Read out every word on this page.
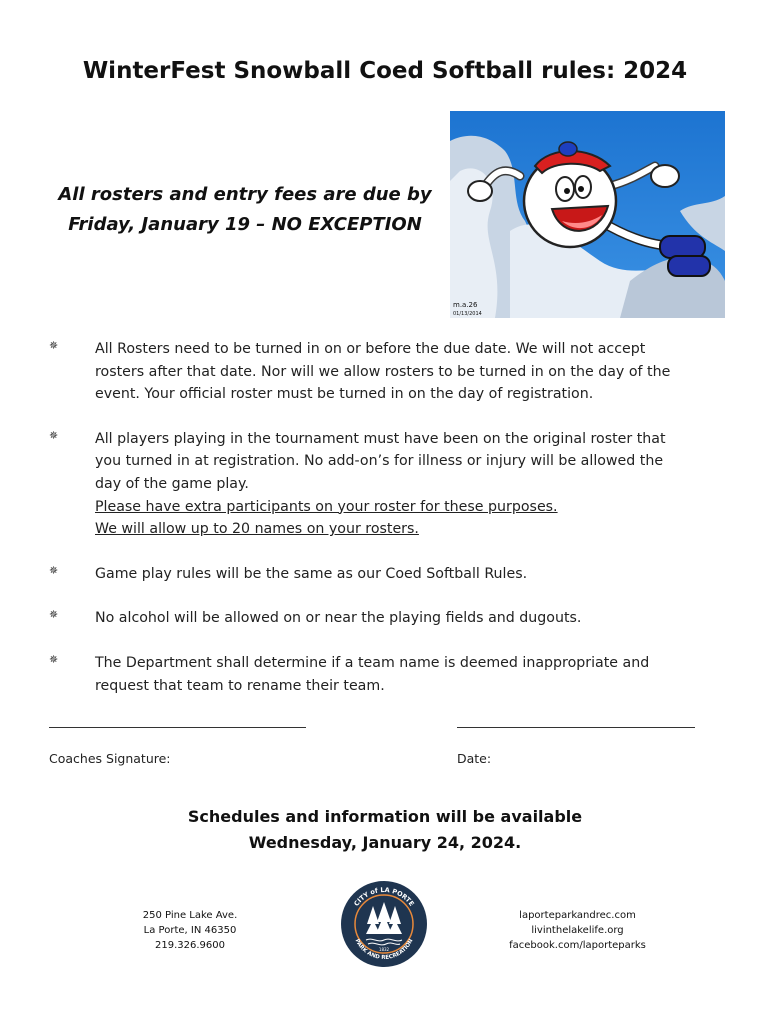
WinterFest Snowball Coed Softball rules: 2024
All rosters and entry fees are due by
Friday, January 19 – NO EXCEPTION
m.a.26
01/13/2014
✵	All Rosters need to be turned in on or before the due date. We will not accept
rosters after that date. Nor will we allow rosters to be turned in on the day of the
event. Your official roster must be turned in on the day of registration.
✵	All players playing in the tournament must have been on the original roster that
you turned in at registration. No add-on’s for illness or injury will be allowed the
day of the game play.
Please have extra participants on your roster for these purposes.
We will allow up to 20 names on your rosters.
✵	Game play rules will be the same as our Coed Softball Rules.
✵	No alcohol will be allowed on or near the playing fields and dugouts.
✵	The Department shall determine if a team name is deemed inappropriate and
request that team to rename their team.
Coaches Signature:	Date:
Schedules and information will be available
Wednesday, January 24, 2024.
250 Pine Lake Ave.
La Porte, IN 46350
219.326.9600	1832
CITY of LA PORTE
PARK AND RECREATION
laporteparkandrec.com
livinthelakelife.org
facebook.com/laporteparks
